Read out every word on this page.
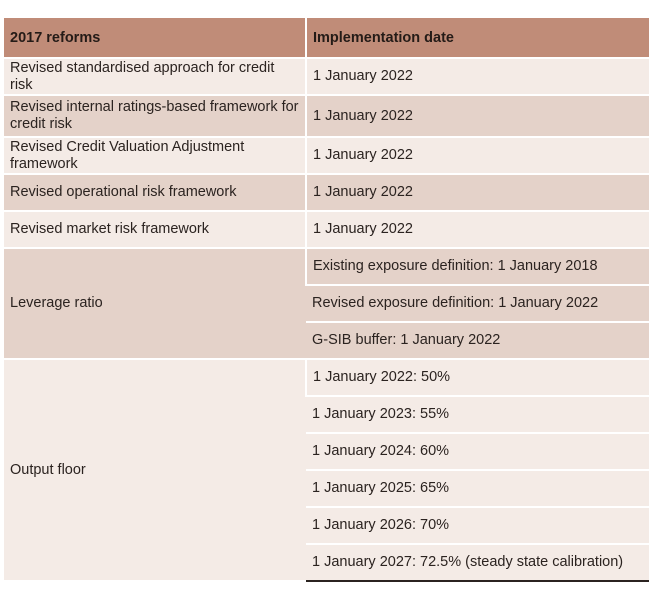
2017 reforms	Implementation date
Revised standardised approach for credit risk	1 January 2022
Revised internal ratings-based framework for credit risk	1 January 2022
Revised Credit Valuation Adjustment framework	1 January 2022
Revised operational risk framework	1 January 2022
Revised market risk framework	1 January 2022
Leverage ratio	Existing exposure definition: 1 January 2018
	Revised exposure definition: 1 January 2022
	G-SIB buffer: 1 January 2022
Output floor	1 January 2022: 50%
	1 January 2023: 55%
	1 January 2024: 60%
	1 January 2025: 65%
	1 January 2026: 70%
	1 January 2027: 72.5% (steady state calibration)
